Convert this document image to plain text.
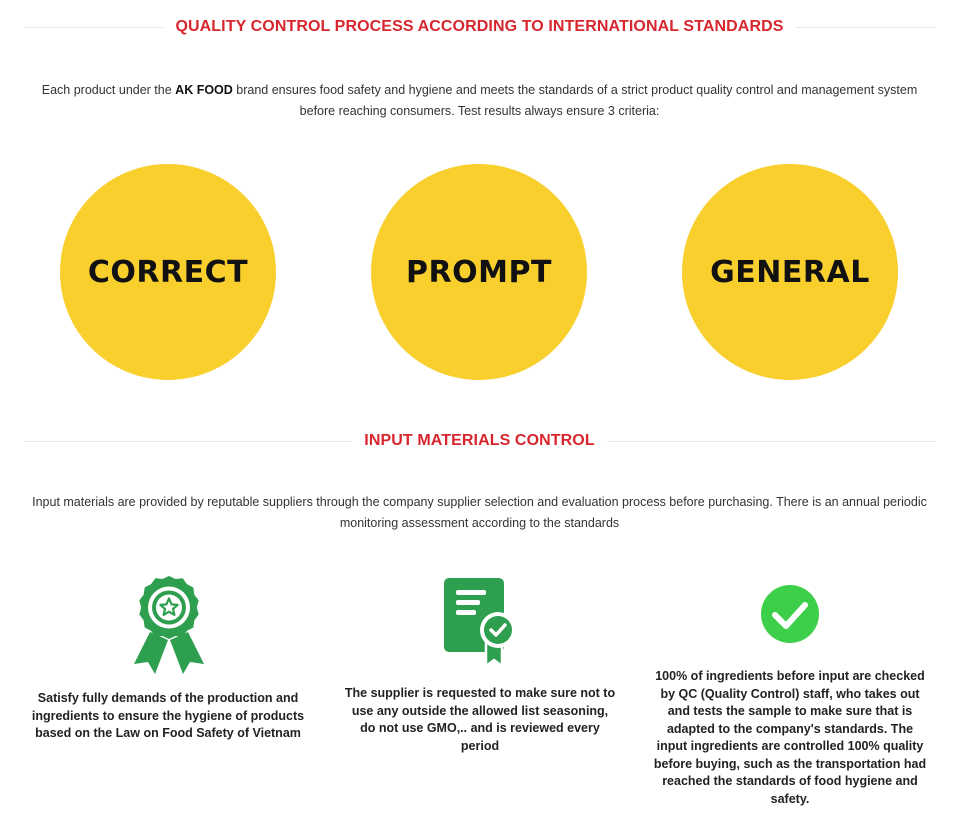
QUALITY CONTROL PROCESS ACCORDING TO INTERNATIONAL STANDARDS
Each product under the AK FOOD brand ensures food safety and hygiene and meets the standards of a strict product quality control and management system before reaching consumers. Test results always ensure 3 criteria:
CORRECT	PROMPT	GENERAL
INPUT MATERIALS CONTROL
Input materials are provided by reputable suppliers through the company supplier selection and evaluation process before purchasing. There is an annual periodic monitoring assessment according to the standards
Satisfy fully demands of the production and ingredients to ensure the hygiene of products based on the Law on Food Safety of Vietnam
The supplier is requested to make sure not to use any outside the allowed list seasoning, do not use GMO,.. and is reviewed every period
100% of ingredients before input are checked by QC (Quality Control) staff, who takes out and tests the sample to make sure that is adapted to the company's standards. The input ingredients are controlled 100% quality before buying, such as the transportation had reached the standards of food hygiene and safety.
